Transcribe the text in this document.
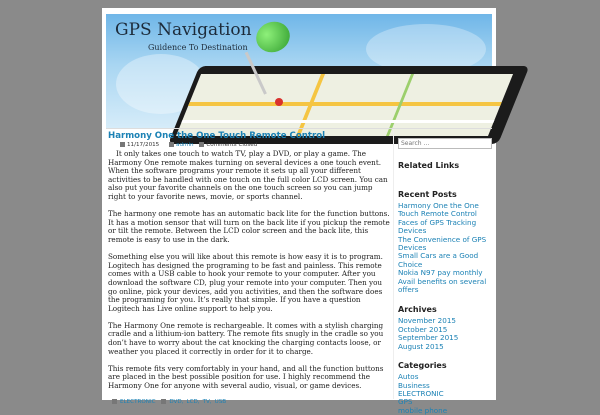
GPS Navigation
Guidence To Destination
Harmony One the One Touch Remote Control
11/17/2015	admin Comments Closed

It only takes one touch to watch TV, play a DVD, or play a game. The Harmony One remote makes turning on several devices a one touch event. When the software programs your remote it sets up all your different activities to be handled with one touch on the full color LCD screen. You can also put your favorite channels on the one touch screen so you can jump right to your favorite news, movie, or sports channel.

The harmony one remote has an automatic back lite for the function buttons. It has a motion sensor that will turn on the back lite if you pickup the remote or tilt the remote. Between the LCD color screen and the back lite, this remote is easy to use in the dark.

Something else you will like about this remote is how easy it is to program. Logitech has designed the programing to be fast and painless. This remote comes with a USB cable to hook your remote to your computer. After you download the software CD, plug your remote into your computer. Then you go online, pick your devices, add you activities, and then the software does the programing for you. It’s really that simple. If you have a question Logitech has Live online support to help you.

The Harmony One remote is rechargeable. It comes with a stylish charging cradle and a lithium-ion battery. The remote fits snugly in the cradle so you don’t have to worry about the cat knocking the charging contacts loose, or weather you placed it correctly in order for it to charge.

This remote fits very comfortably in your hand, and all the function buttons are placed in the best possible position for use. I highly recommend the Harmony One for anyone with several audio, visual, or game devices.

ELECTRONIC DVD, LCD, TV, USB
Search ...
Related Links
Recent Posts
Harmony One the One
Touch Remote Control
Faces of GPS Tracking
Devices
The Convenience of GPS
Devices
Small Cars are a Good
Choice
Nokia N97 pay monthly
Avail benefits on several
offers
Archives
November 2015
October 2015
September 2015
August 2015
Categories
Autos
Business
ELECTRONIC
GPS
mobile phone
